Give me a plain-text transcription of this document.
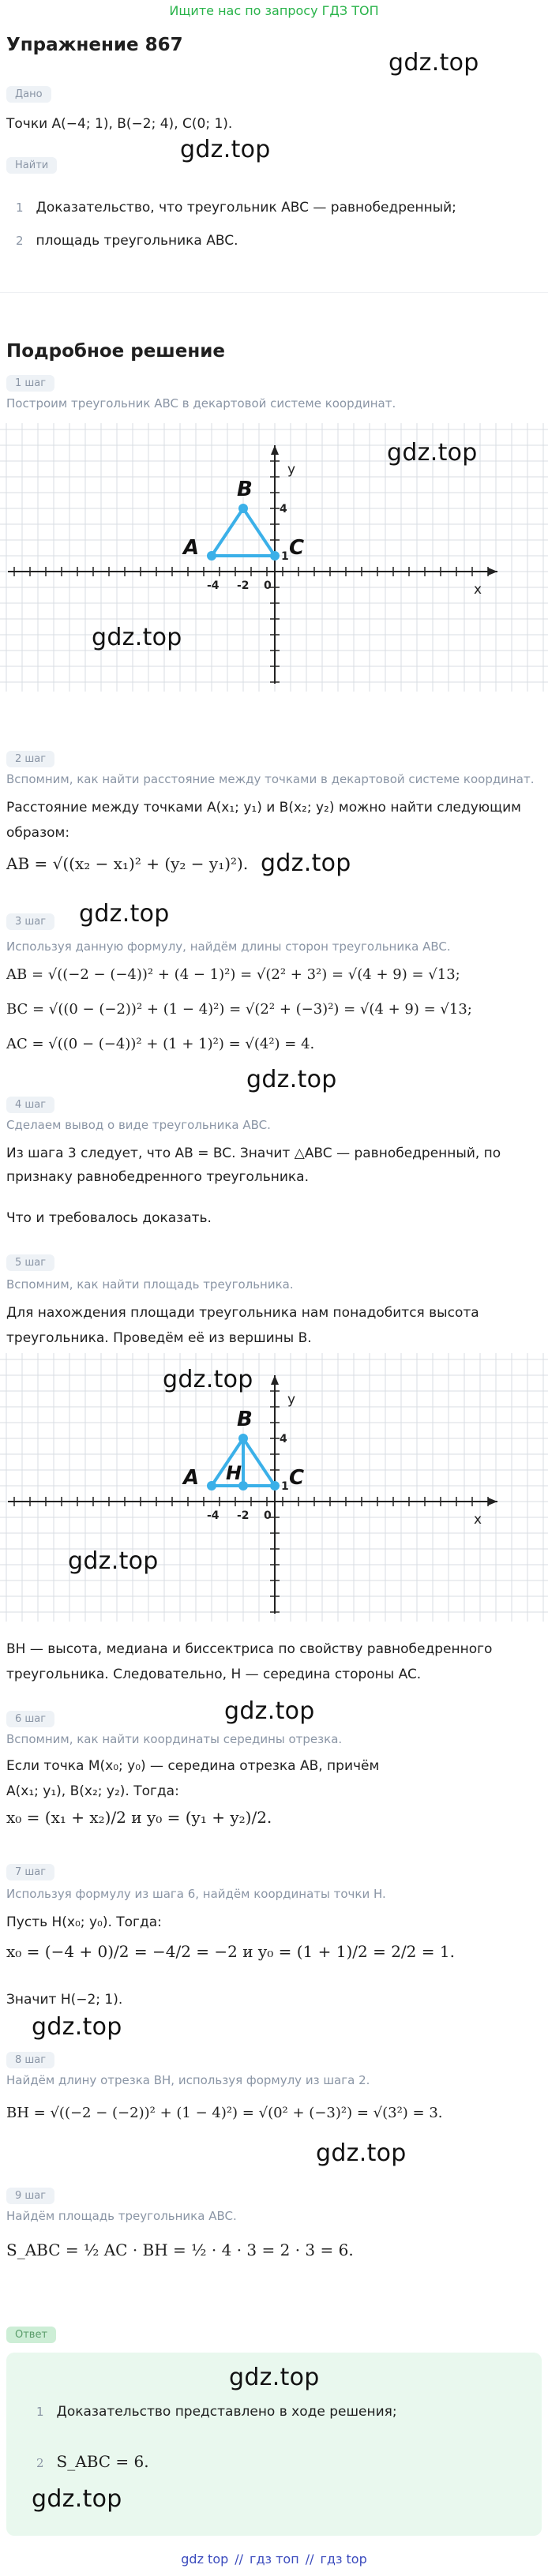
Ищите нас по запросу ГДЗ ТОП
Упражнение 867
gdz.top
Дано
Точки A(−4; 1), B(−2; 4), C(0; 1).
Найти
gdz.top
1 Доказательство, что треугольник ABC — равнобедренный;
2 площадь треугольника ABC.
Подробное решение
1 шаг
Построим треугольник ABC в декартовой системе координат.
x
y
-4 -2 0
4
1
A
B
C
gdz.top
gdz.top
2 шаг
Вспомним, как найти расстояние между точками в декартовой системе координат.
Расстояние между точками A(x₁; y₁) и B(x₂; y₂) можно найти следующим
образом:
AB = √((x₂ − x₁)² + (y₂ − y₁)²). gdz.top
3 шаг	gdz.top
Используя данную формулу, найдём длины сторон треугольника ABC.
AB = √((−2 − (−4))² + (4 − 1)²) = √(2² + 3²) = √(4 + 9) = √13;
BC = √((0 − (−2))² + (1 − 4)²) = √(2² + (−3)²) = √(4 + 9) = √13;
AC = √((0 − (−4))² + (1 + 1)²) = √(4²) = 4.
gdz.top
4 шаг
Сделаем вывод о виде треугольника ABC.
Из шага 3 следует, что AB = BC. Значит △ABC — равнобедренный, по
признаку равнобедренного треугольника.
Что и требовалось доказать.
5 шаг
Вспомним, как найти площадь треугольника.
Для нахождения площади треугольника нам понадобится высота
треугольника. Проведём её из вершины B.
x
y
-4 -2 0
4
1
H
A
B
C
gdz.top
gdz.top
BH — высота, медиана и биссектриса по свойству равнобедренного
треугольника. Следовательно, H — середина стороны AC.
6 шаг	gdz.top
Вспомним, как найти координаты середины отрезка.
Если точка M(x₀; y₀) — середина отрезка AB, причём
A(x₁; y₁), B(x₂; y₂). Тогда:
x₀ = (x₁ + x₂)/2 и y₀ = (y₁ + y₂)/2.
7 шаг
Используя формулу из шага 6, найдём координаты точки H.
Пусть H(x₀; y₀). Тогда:
x₀ = (−4 + 0)/2 = −4/2 = −2 и y₀ = (1 + 1)/2 = 2/2 = 1.
Значит H(−2; 1).
gdz.top
8 шаг
Найдём длину отрезка BH, используя формулу из шага 2.
BH = √((−2 − (−2))² + (1 − 4)²) = √(0² + (−3)²) = √(3²) = 3.
gdz.top
9 шаг
Найдём площадь треугольника ABC.
S_ABC = ½ AC · BH = ½ · 4 · 3 = 2 · 3 = 6.
Ответ
gdz.top
1 Доказательство представлено в ходе решения;
2 S_ABC = 6.
gdz.top
gdz top // гдз топ // гдз top
